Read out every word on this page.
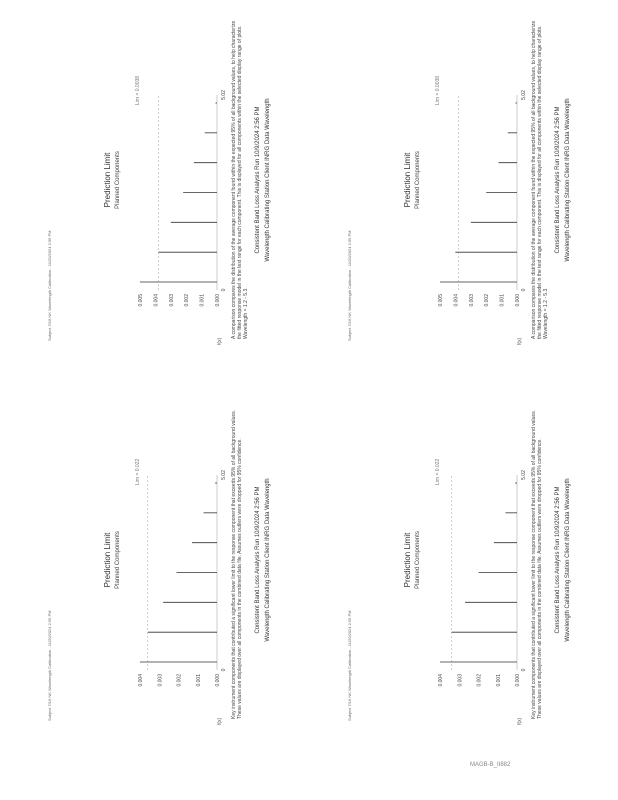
Subject 7/16 NK Wavelength Calibration - 11/20/2024 2:55 PM
Prediction Limit Planned Components
f(x)
Lim = 0.0038
0.000
0.001
0.002
0.003
0.004
0.005
0
5.02 A comparison compares the distribution of the average component found within the expected 95% of all background values, to help characterize the fitted response model in the test range for each component. This is displayed for all components within the selected display range of plots. Wavelength = 1.2 - 5.3.
Consistent Band Loss Analysis Run 10/9/2024 2:56 PM Wavelength Calibrating Station Client INRG Data Wavelength
Subject 7/16 NK Wavelength Calibration - 11/20/2024 2:55 PM
Prediction Limit Planned Components
f(x)
Lim = 0.022
0.000
0.001
0.002
0.003
0.004
0
5.02 Key instrument components that contributed a significant lower limit to the response component that exceeds 95% of all background values. These values are displayed over all components in the combined data file. Assumes outliers were dropped for 95% confidence. Consistent Band Loss Analysis Run 10/9/2024 2:56 PM Wavelength Calibrating Station Client INRG Data Wavelength
Subject 7/16 NK Wavelength Calibration - 11/20/2024 2:55 PM
Prediction Limit Planned Components
f(x)
Lim = 0.022
0.000
0.001
0.002
0.003
0.004
0
5.02 Key instrument components that contributed a significant lower limit to the response component that exceeds 95% of all background values. These values are displayed over all components in the combined data file. Assumes outliers were dropped for 95% confidence. Consistent Band Loss Analysis Run 10/9/2024 2:56 PM Wavelength Calibrating Station Client INRG Data Wavelength
Subject 7/16 NK Wavelength Calibration - 11/20/2024 2:55 PM
Prediction Limit Planned Components
f(x)
Lim = 0.0038
0.000
0.001
0.002
0.003
0.004
0.005
0
5.02 A comparison compares the distribution of the average component found within the expected 95% of all background values, to help characterize the fitted response model in the test range for each component. This is displayed for all components within the selected display range of plots. Wavelength = 1.2 - 5.3.
Consistent Band Loss Analysis Run 10/9/2024 2:56 PM Wavelength Calibrating Station Client INRG Data Wavelength
MAGB-B_II882
